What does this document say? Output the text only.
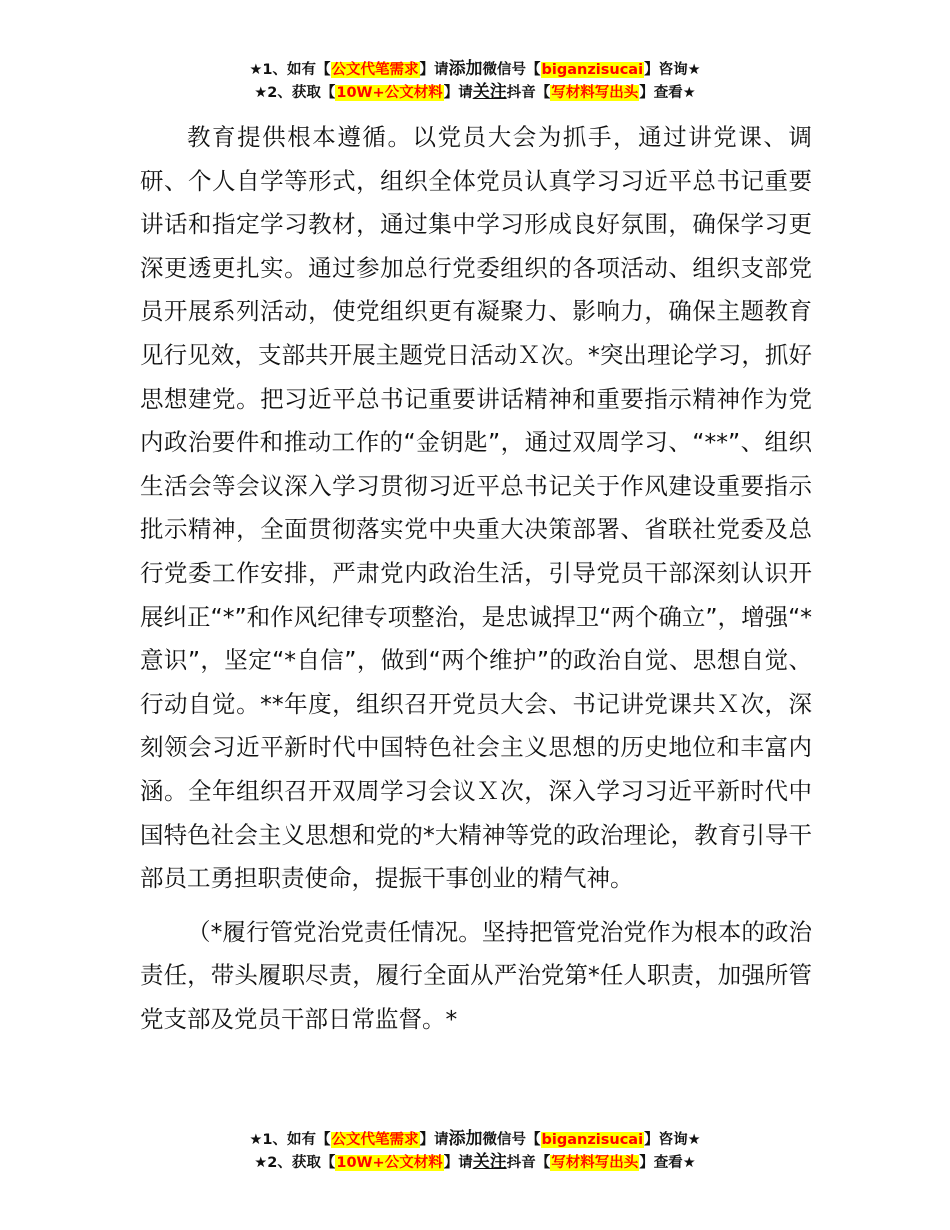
★1、如有【公文代笔需求】请添加微信号【biganzisucai】咨询★
★2、获取【10W+公文材料】请关注抖音【写材料写出头】查看★

教育提供根本遵循。以党员大会为抓手，通过讲党课、调研、个人自学等形式，组织全体党员认真学习习近平总书记重要讲话和指定学习教材，通过集中学习形成良好氛围，确保学习更深更透更扎实。通过参加总行党委组织的各项活动、组织支部党员开展系列活动，使党组织更有凝聚力、影响力，确保主题教育见行见效，支部共开展主题党日活动Ｘ次。*突出理论学习，抓好思想建党。把习近平总书记重要讲话精神和重要指示精神作为党内政治要件和推动工作的“金钥匙”，通过双周学习、“**”、组织生活会等会议深入学习贯彻习近平总书记关于作风建设重要指示批示精神，全面贯彻落实党中央重大决策部署、省联社党委及总行党委工作安排，严肃党内政治生活，引导党员干部深刻认识开展纠正“*”和作风纪律专项整治，是忠诚捍卫“两个确立”，增强“*意识”，坚定“*自信”，做到“两个维护”的政治自觉、思想自觉、行动自觉。**年度，组织召开党员大会、书记讲党课共Ｘ次，深刻领会习近平新时代中国特色社会主义思想的历史地位和丰富内涵。全年组织召开双周学习会议Ｘ次，深入学习习近平新时代中国特色社会主义思想和党的*大精神等党的政治理论，教育引导干部员工勇担职责使命，提振干事创业的精气神。

（*履行管党治党责任情况。坚持把管党治党作为根本的政治责任，带头履职尽责，履行全面从严治党第*任人职责，加强所管党支部及党员干部日常监督。*

★1、如有【公文代笔需求】请添加微信号【biganzisucai】咨询★
★2、获取【10W+公文材料】请关注抖音【写材料写出头】查看★
